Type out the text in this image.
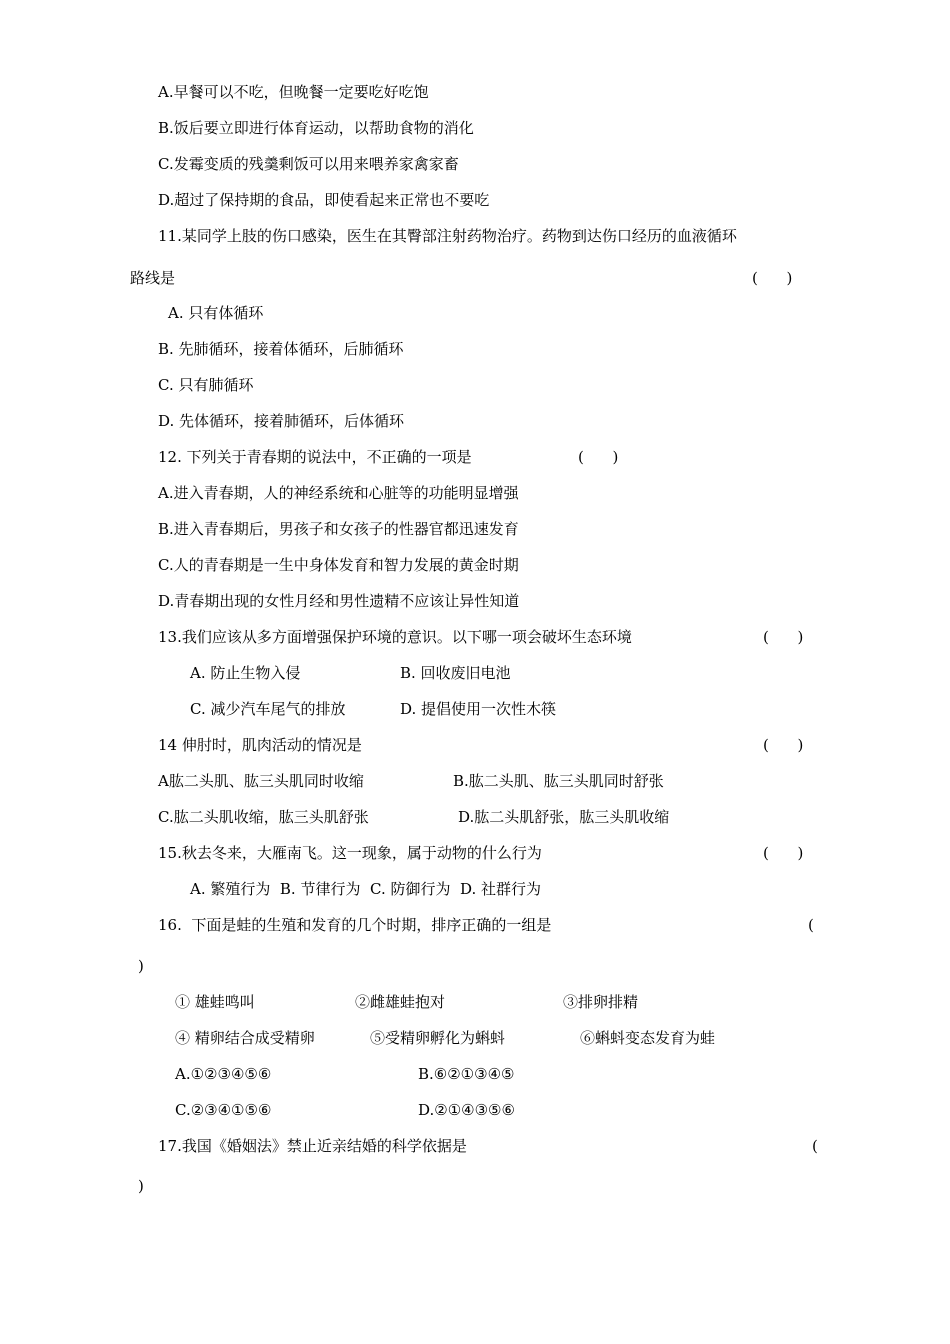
A.早餐可以不吃，但晚餐一定要吃好吃饱
B.饭后要立即进行体育运动，以帮助食物的消化
C.发霉变质的残羹剩饭可以用来喂养家禽家畜
D.超过了保持期的食品，即使看起来正常也不要吃
11.某同学上肢的伤口感染，医生在其臀部注射药物治疗。药物到达伤口经历的血液循环
路线是	(      )
A. 只有体循环
B. 先肺循环，接着体循环，后肺循环
C. 只有肺循环
D. 先体循环，接着肺循环，后体循环
12. 下列关于青春期的说法中，不正确的一项是	(      )
A.进入青春期，人的神经系统和心脏等的功能明显增强
B.进入青春期后，男孩子和女孩子的性器官都迅速发育
C.人的青春期是一生中身体发育和智力发展的黄金时期
D.青春期出现的女性月经和男性遗精不应该让异性知道
13.我们应该从多方面增强保护环境的意识。以下哪一项会破坏生态环境	(      )
A. 防止生物入侵	B. 回收废旧电池
C. 减少汽车尾气的排放	D. 提倡使用一次性木筷
14 伸肘时，肌肉活动的情况是	(      )
A肱二头肌、肱三头肌同时收缩	B.肱二头肌、肱三头肌同时舒张
C.肱二头肌收缩，肱三头肌舒张	D.肱二头肌舒张，肱三头肌收缩
15.秋去冬来，大雁南飞。这一现象，属于动物的什么行为	(      )
A. 繁殖行为  B. 节律行为  C. 防御行为  D. 社群行为
16.  下面是蛙的生殖和发育的几个时期，排序正确的一组是	(
)
① 雄蛙鸣叫	②雌雄蛙抱对	③排卵排精
④ 精卵结合成受精卵	⑤受精卵孵化为蝌蚪	⑥蝌蚪变态发育为蛙
A.①②③④⑤⑥	B.⑥②①③④⑤
C.②③④①⑤⑥	D.②①④③⑤⑥
17.我国《婚姻法》禁止近亲结婚的科学依据是	(
)
